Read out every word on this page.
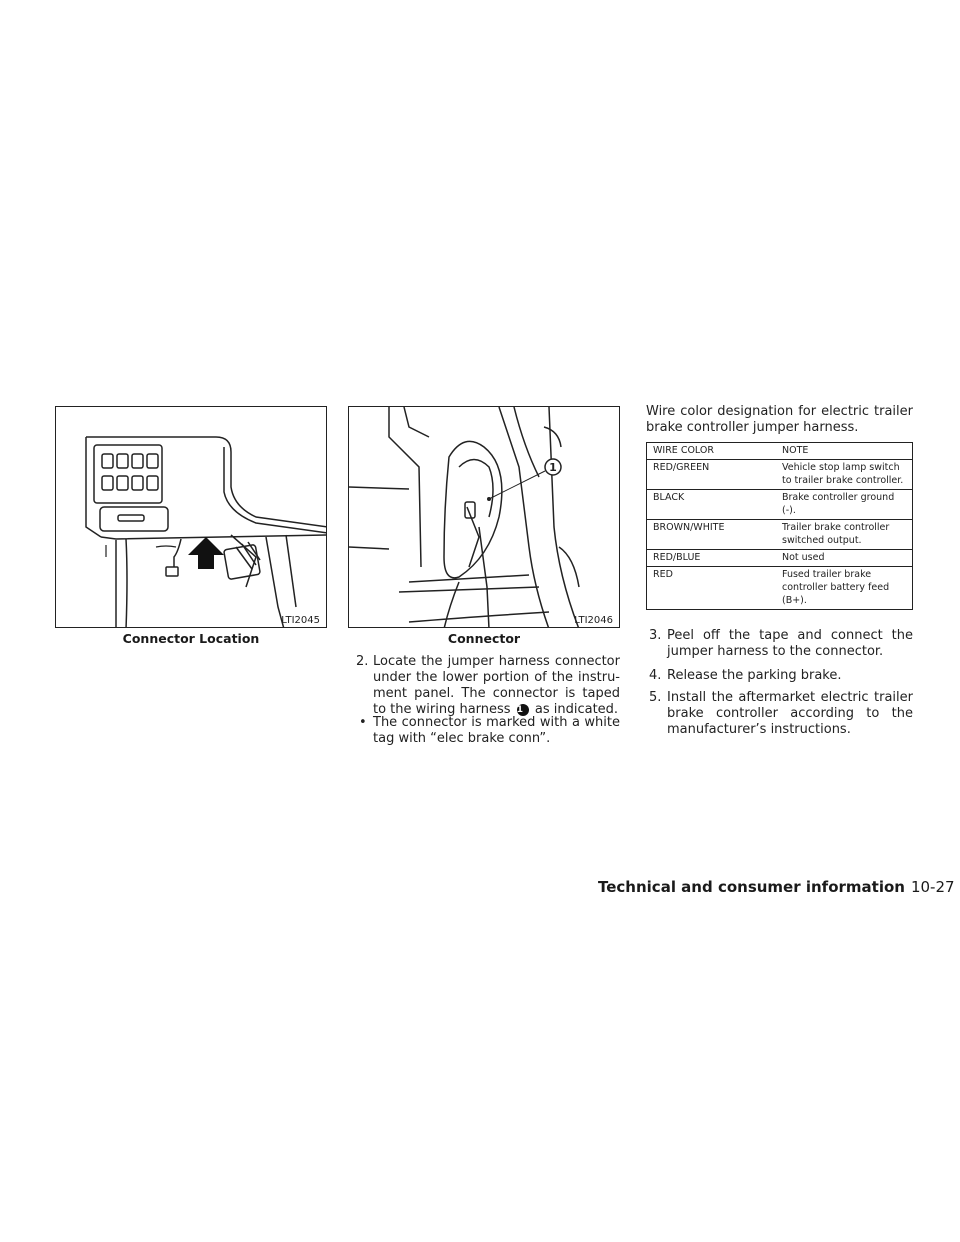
LTI2045
Connector Location
1
LTI2046
Connector
2. Locate the jumper harness connector under the lower portion of the instru-ment panel. The connector is taped to the wiring harness 1 as indicated.
• The connector is marked with a white tag with “elec brake conn”.
Wire color designation for electric trailer brake controller jumper harness.
WIRE COLOR	NOTE
RED/GREEN	Vehicle stop lamp switch to trailer brake controller.
BLACK	Brake controller ground (-).
BROWN/WHITE	Trailer brake controller switched output.
RED/BLUE	Not used
RED	Fused trailer brake controller battery feed (B+).
3. Peel off the tape and connect the jumper harness to the connector.
4. Release the parking brake.
5. Install the aftermarket electric trailer brake controller according to the manufacturer’s instructions.
Technical and consumer information 10-27
